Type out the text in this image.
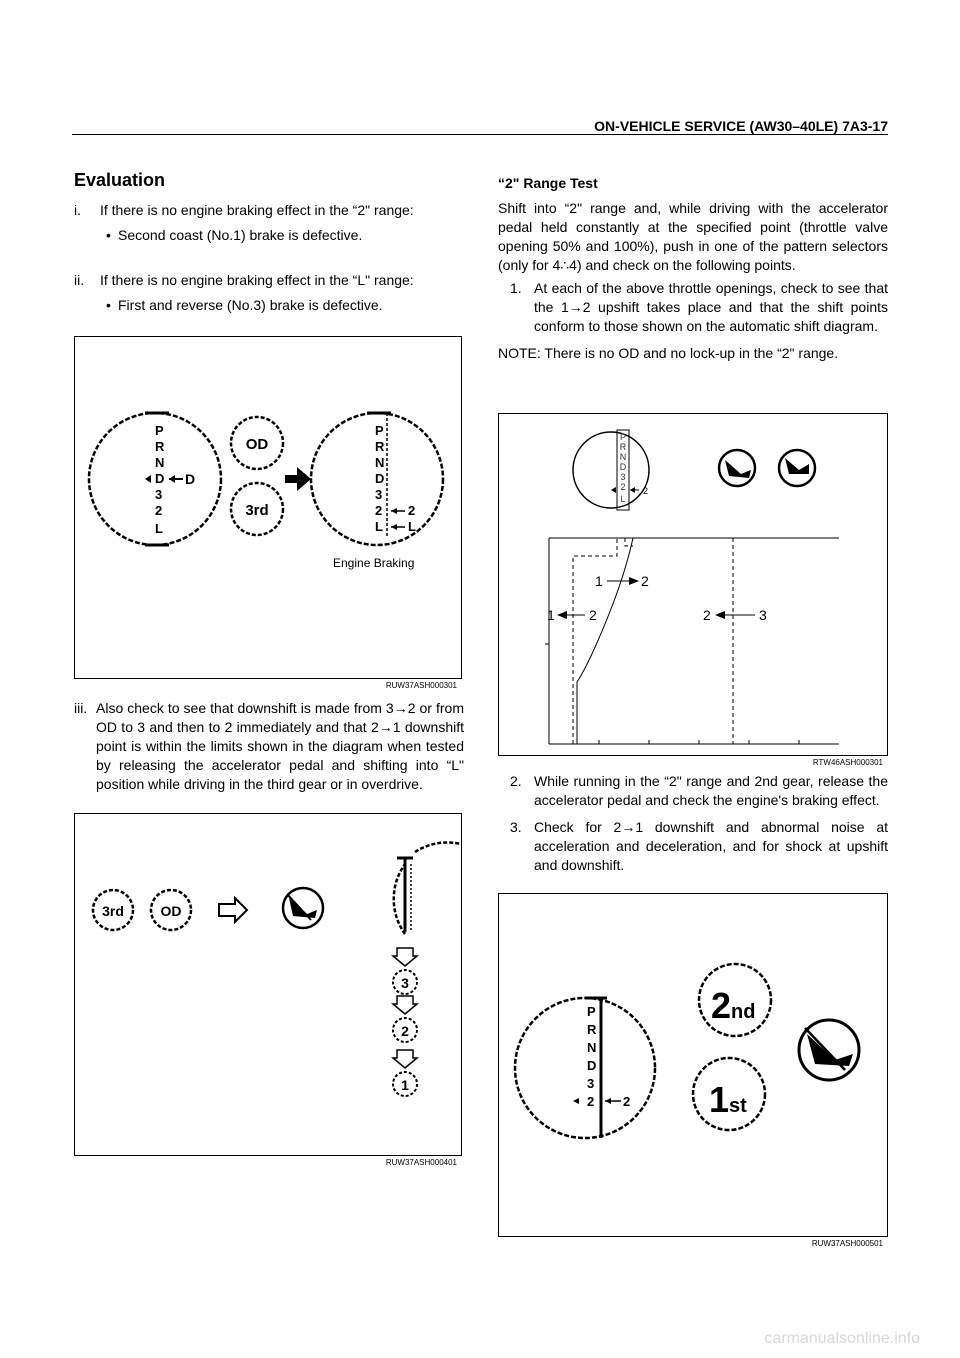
ON-VEHICLE SERVICE (AW30–40LE) 7A3-17
Evaluation
i. If there is no engine braking effect in the “2" range:
• Second coast (No.1) brake is defective.
ii. If there is no engine braking effect in the “L" range:
• First and reverse (No.3) brake is defective.
P
R
N
D
3
2
L
D
OD
3rd
P
R
N
D
3
2
L
2
L
Engine Braking
RUW37ASH000301
iii. Also check to see that downshift is made from 3→2 or from OD to 3 and then to 2 immediately and that 2→1 downshift point is within the limits shown in the diagram when tested by releasing the accelerator pedal and shifting into “L" position while driving in the third gear or in overdrive.
3rd	OD
3
2
1
RUW37ASH000401
“2" Range Test
Shift into “2" range and, while driving with the accelerator pedal held constantly at the specified point (throttle valve opening 50% and 100%), push in one of the pattern selectors (only for 4∴4) and check on the following points.
1. At each of the above throttle openings, check to see that the 1→2 upshift takes place and that the shift points conform to those shown on the automatic shift diagram.
NOTE: There is no OD and no lock-up in the “2" range.
P
R
N
D
3
2
L
2
1	2
1 2	2	3
RTW46ASH000301
2. While running in the “2" range and 2nd gear, release the accelerator pedal and check the engine's braking effect.
3. Check for 2→1 downshift and abnormal noise at acceleration and deceleration, and for shock at upshift and downshift.
P
R
N
D
3
2 2
2nd
1st
RUW37ASH000501
carmanualsonline.info
